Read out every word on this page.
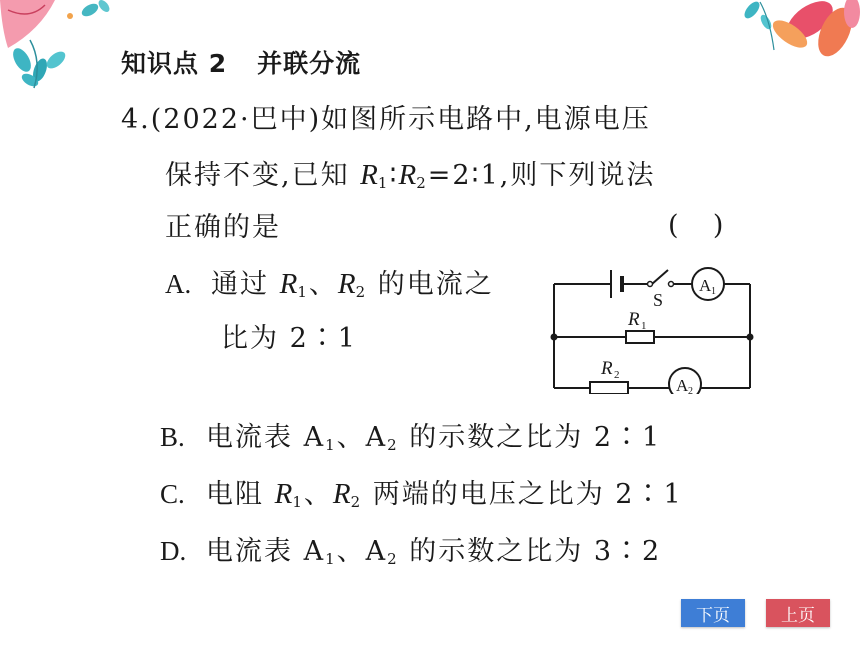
知识点 2 并联分流
4.(2022·巴中)如图所示电路中,电源电压
保持不变,已知 $R_1∶R_2=2∶1$,则下列说法
正确的是	(    )
A. 通过 $R_1$、$R_2$ 的电流之
比为 2∶1
S
R 1
R 2
A 1
A 2
B. 电流表 $A_1$、$A_2$ 的示数之比为 2∶1
C. 电阻 $R_1$、$R_2$ 两端的电压之比为 2∶1
D. 电流表 $A_1$、$A_2$ 的示数之比为 3∶2
下页	上页
